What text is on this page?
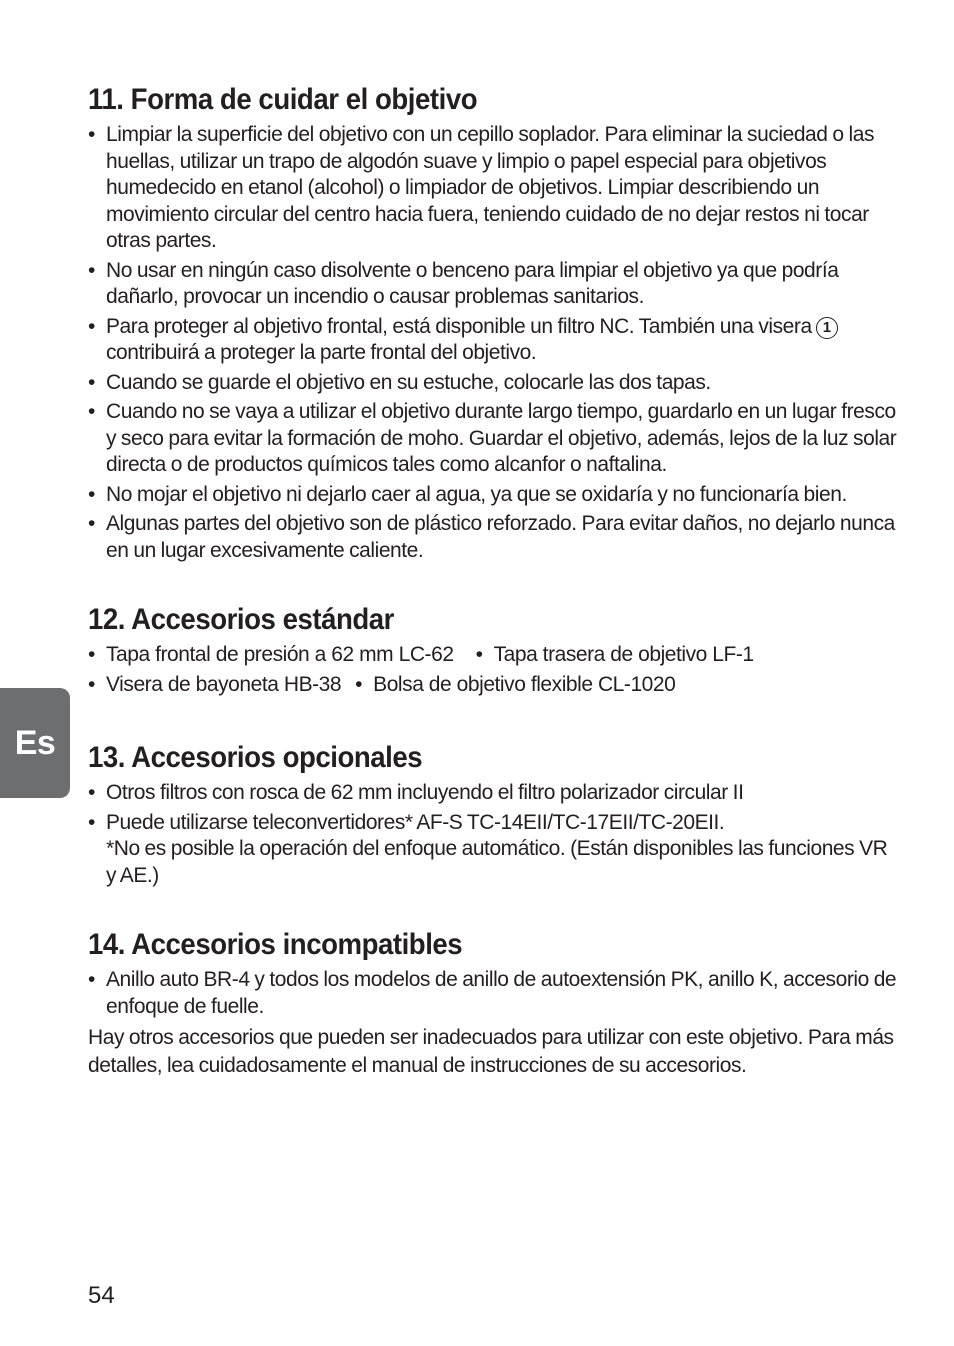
Es
11. Forma de cuidar el objetivo
• Limpiar la superficie del objetivo con un cepillo soplador. Para eliminar la suciedad o las huellas, utilizar un trapo de algodón suave y limpio o papel especial para objetivos humedecido en etanol (alcohol) o limpiador de objetivos. Limpiar describiendo un movimiento circular del centro hacia fuera, teniendo cuidado de no dejar restos ni tocar otras partes.
• No usar en ningún caso disolvente o benceno para limpiar el objetivo ya que podría dañarlo, provocar un incendio o causar problemas sanitarios.
• Para proteger al objetivo frontal, está disponible un filtro NC. También una visera 1
contribuirá a proteger la parte frontal del objetivo.
• Cuando se guarde el objetivo en su estuche, colocarle las dos tapas.
• Cuando no se vaya a utilizar el objetivo durante largo tiempo, guardarlo en un lugar fresco y seco para evitar la formación de moho. Guardar el objetivo, además, lejos de la luz solar directa o de productos químicos tales como alcanfor o naftalina.
• No mojar el objetivo ni dejarlo caer al agua, ya que se oxidaría y no funcionaría bien.
• Algunas partes del objetivo son de plástico reforzado. Para evitar daños, no dejarlo nunca en un lugar excesivamente caliente.
12. Accesorios estándar
• Tapa frontal de presión a 62 mm LC-62 • Tapa trasera de objetivo LF-1
• Visera de bayoneta HB-38 • Bolsa de objetivo flexible CL-1020
13. Accesorios opcionales
• Otros filtros con rosca de 62 mm incluyendo el filtro polarizador circular II
• Puede utilizarse teleconvertidores* AF-S TC-14EII/TC-17EII/TC-20EII.
*No es posible la operación del enfoque automático. (Están disponibles las funciones VR y AE.)
14. Accesorios incompatibles
• Anillo auto BR-4 y todos los modelos de anillo de autoextensión PK, anillo K, accesorio de enfoque de fuelle.

Hay otros accesorios que pueden ser inadecuados para utilizar con este objetivo. Para más detalles, lea cuidadosamente el manual de instrucciones de su accesorios.

54
